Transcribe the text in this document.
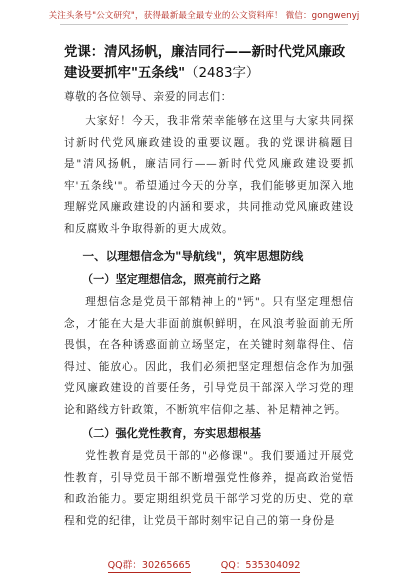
关注头条号"公文研究"，获得最新最全最专业的公文资料库！ 微信：gongwenyj

党课：清风扬帆，廉洁同行——新时代党风廉政建设要抓牢"五条线"（2483字）

尊敬的各位领导、亲爱的同志们：

大家好！今天，我非常荣幸能够在这里与大家共同探讨新时代党风廉政建设的重要议题。我的党课讲稿题目是"清风扬帆，廉洁同行——新时代党风廉政建设要抓牢'五条线'"。希望通过今天的分享，我们能够更加深入地理解党风廉政建设的内涵和要求，共同推动党风廉政建设和反腐败斗争取得新的更大成效。

一、以理想信念为"导航线"，筑牢思想防线

（一）坚定理想信念，照亮前行之路

理想信念是党员干部精神上的"钙"。只有坚定理想信念，才能在大是大非面前旗帜鲜明，在风浪考验面前无所畏惧，在各种诱惑面前立场坚定，在关键时刻靠得住、信得过、能放心。因此，我们必须把坚定理想信念作为加强党风廉政建设的首要任务，引导党员干部深入学习党的理论和路线方针政策，不断筑牢信仰之基、补足精神之钙。

（二）强化党性教育，夯实思想根基

党性教育是党员干部的"必修课"。我们要通过开展党性教育，引导党员干部不断增强党性修养，提高政治觉悟和政治能力。要定期组织党员干部学习党的历史、党的章程和党的纪律，让党员干部时刻牢记自己的第一身份是

QQ群：30265665	QQ：535304092
